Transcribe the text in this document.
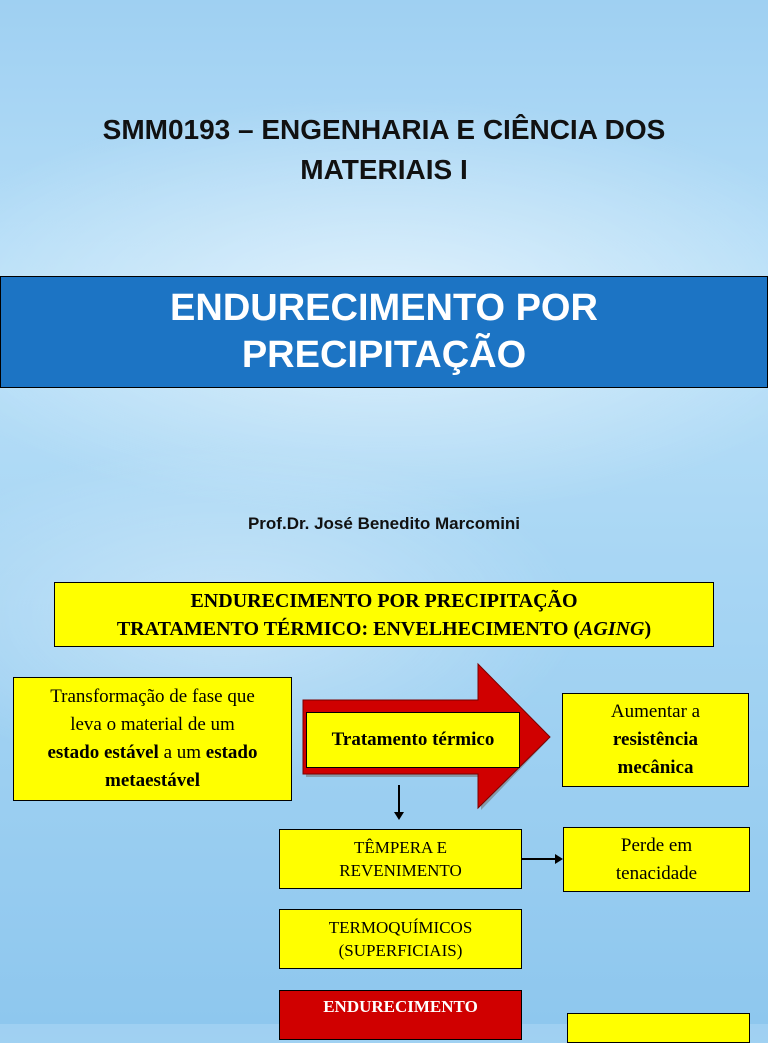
SMM0193 – ENGENHARIA E CIÊNCIA DOS
MATERIAIS I
ENDURECIMENTO POR
PRECIPITAÇÃO
Prof.Dr. José Benedito Marcomini
ENDURECIMENTO POR PRECIPITAÇÃO
TRATAMENTO TÉRMICO: ENVELHECIMENTO (AGING)
Transformação de fase que
leva o material de um
estado estável a um estado
metaestável
Tratamento térmico
Aumentar a
resistência
mecânica
TÊMPERA E
REVENIMENTO
Perde em
tenacidade
TERMOQUÍMICOS
(SUPERFICIAIS)
ENDURECIMENTO
